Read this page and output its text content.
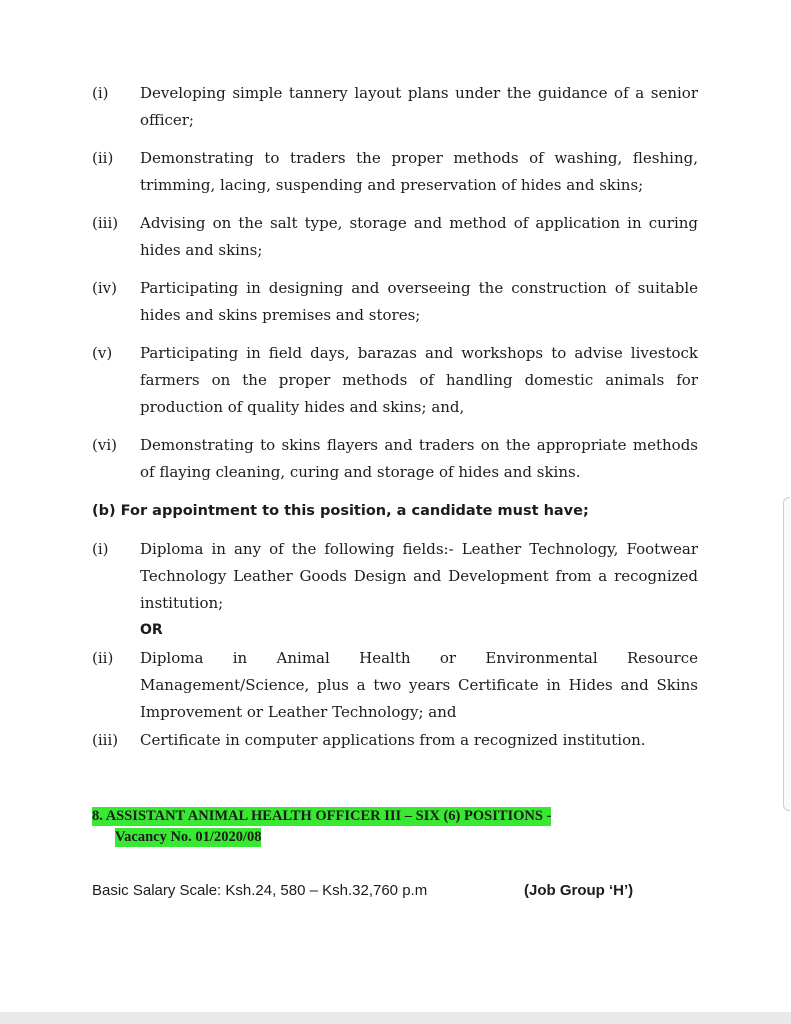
(i) Developing simple tannery layout plans under the guidance of a senior officer;
(ii) Demonstrating to traders the proper methods of washing, fleshing, trimming, lacing, suspending and preservation of hides and skins;
(iii) Advising on the salt type, storage and method of application in curing hides and skins;
(iv) Participating in designing and overseeing the construction of suitable hides and skins premises and stores;
(v) Participating in field days, barazas and workshops to advise livestock farmers on the proper methods of handling domestic animals for production of quality hides and skins; and,
(vi) Demonstrating to skins flayers and traders on the appropriate methods of flaying cleaning, curing and storage of hides and skins.
(b) For appointment to this position, a candidate must have;
(i) Diploma in any of the following fields:- Leather Technology, Footwear Technology Leather Goods Design and Development from a recognized institution;
OR
(ii) Diploma in Animal Health or Environmental Resource Management/Science, plus a two years Certificate in Hides and Skins Improvement or Leather Technology; and
(iii) Certificate in computer applications from a recognized institution.
8. ASSISTANT ANIMAL HEALTH OFFICER III – SIX (6) POSITIONS -
Vacancy No. 01/2020/08
Basic Salary Scale: Ksh.24, 580 – Ksh.32,760 p.m	(Job Group ‘H’)
